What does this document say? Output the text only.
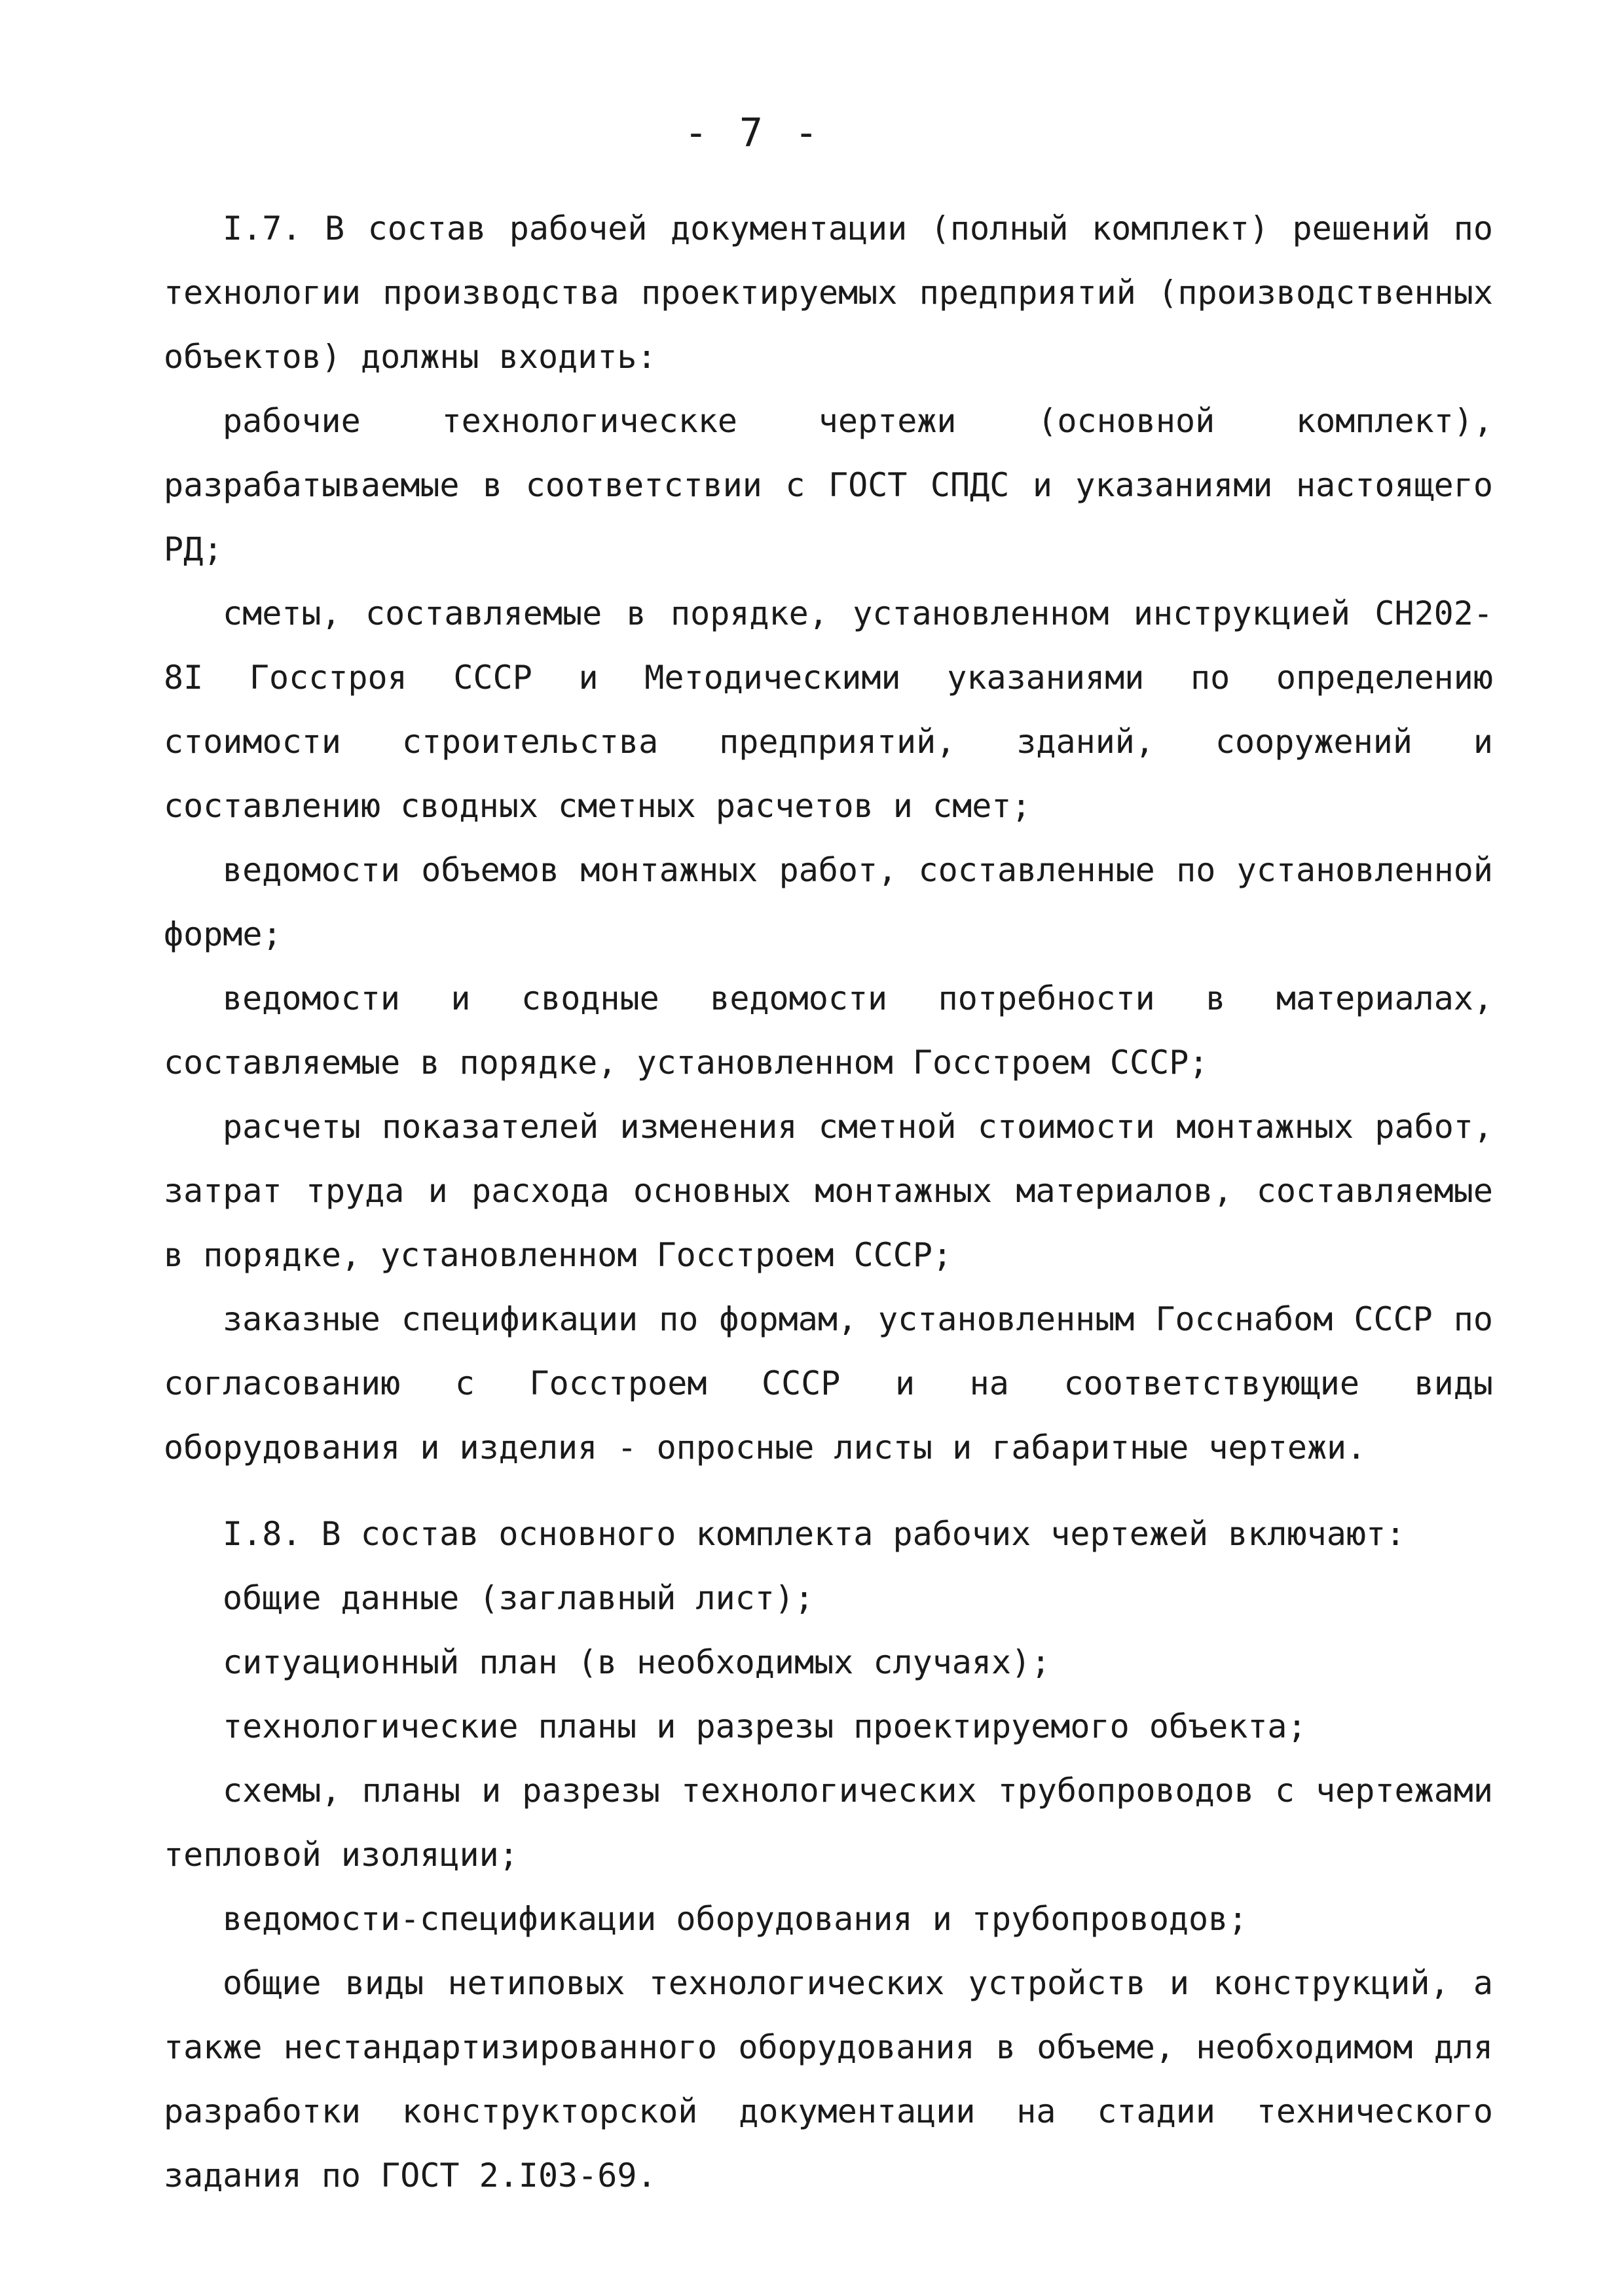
- 7 -

I.7. В состав рабочей документации (полный комплект) решений по технологии производства проектируемых предприятий (производственных объектов) должны входить:

рабочие технологическке чертежи (основной комплект), разрабатываемые в соответствии с ГОСТ СПДС и указаниями настоящего РД;

сметы, составляемые в порядке, установленном инструкцией СН202-8I Госстроя СССР и Методическими указаниями по определению стоимости строительства предприятий, зданий, сооружений и составлению сводных сметных расчетов и смет;

ведомости объемов монтажных работ, составленные по установленной форме;

ведомости и сводные ведомости потребности в материалах, составляемые в порядке, установленном Госстроем СССР;

расчеты показателей изменения сметной стоимости монтажных работ, затрат труда и расхода основных монтажных материалов, составляемые в порядке, установленном Госстроем СССР;

заказные спецификации по формам, установленным Госснабом СССР по согласованию с Госстроем СССР и на соответствующие виды оборудования и изделия - опросные листы и габаритные чертежи.

I.8. В состав основного комплекта рабочих чертежей включают:

общие данные (заглавный лист);

ситуационный план (в необходимых случаях);

технологические планы и разрезы проектируемого объекта;

схемы, планы и разрезы технологических трубопроводов с чертежами тепловой изоляции;

ведомости-спецификации оборудования и трубопроводов;

общие виды нетиповых технологических устройств и конструкций, а также нестандартизированного оборудования в объеме, необходимом для разработки конструкторской документации на стадии технического задания по ГОСТ 2.I03-69.
